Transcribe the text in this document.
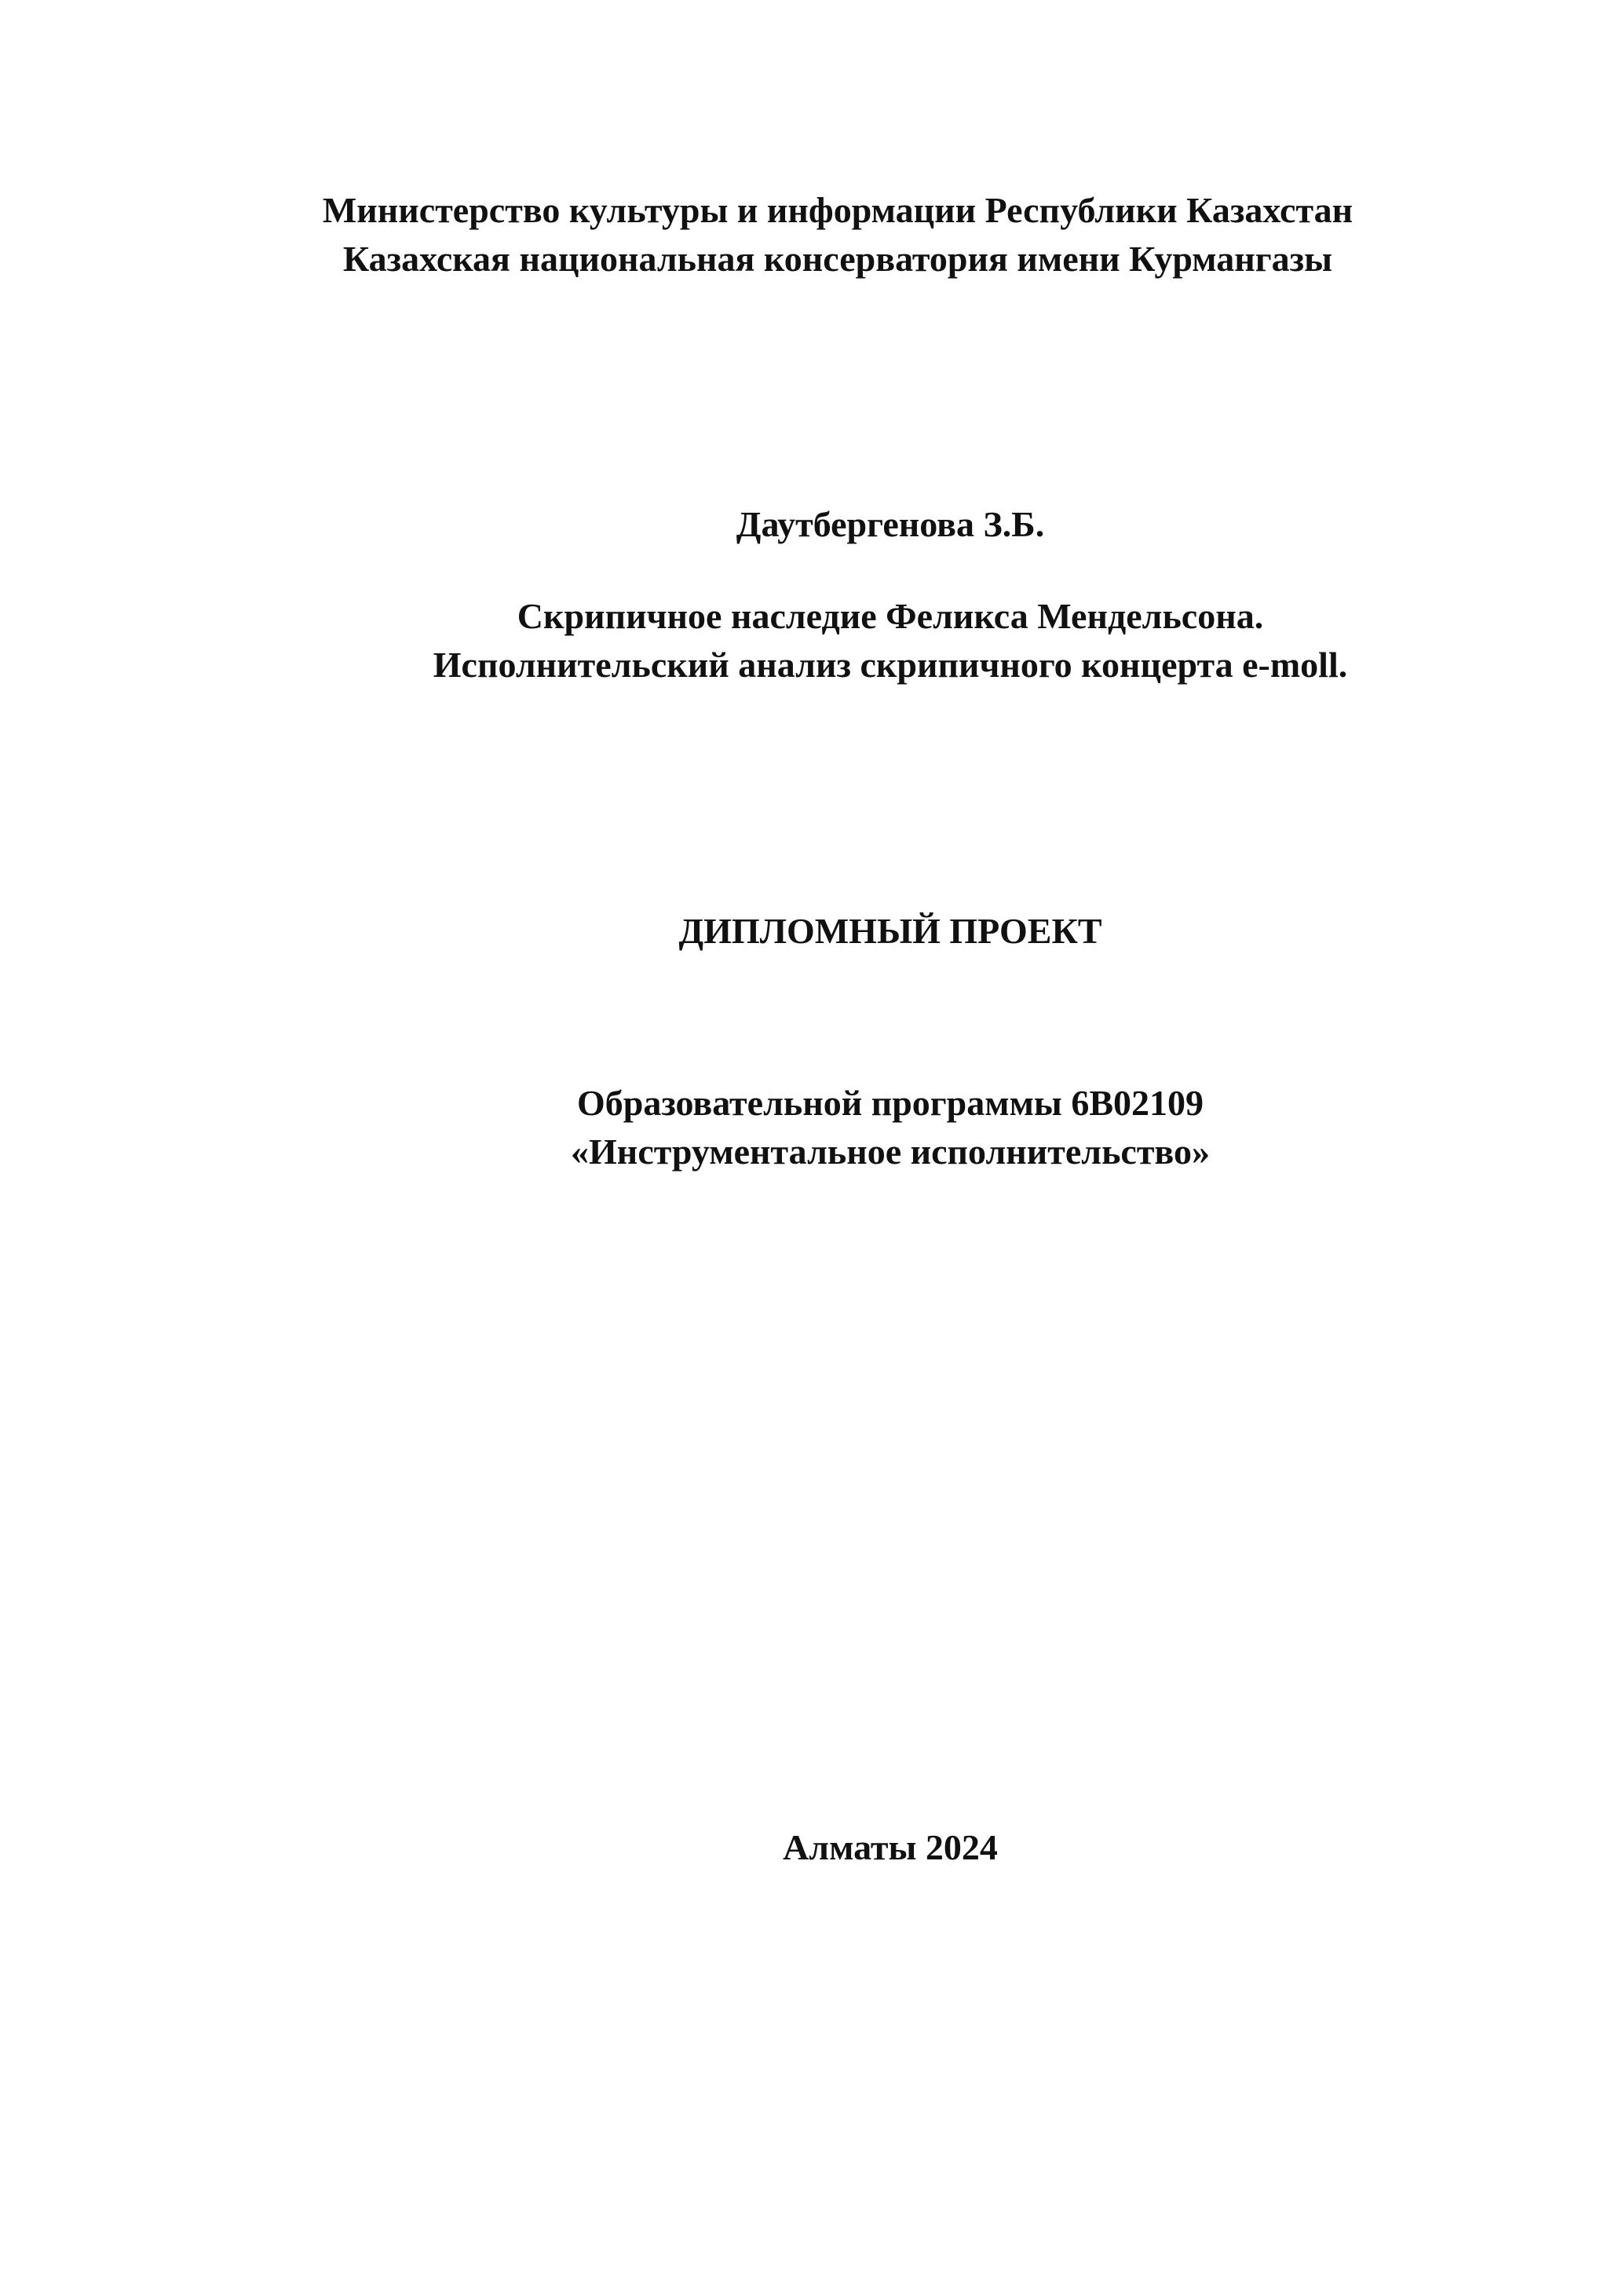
Министерство культуры и информации Республики Казахстан
Казахская национальная консерватория имени Курмангазы
Даутбергенова З.Б.
Скрипичное наследие Феликса Мендельсона.
Исполнительский анализ скрипичного концерта e-moll.
ДИПЛОМНЫЙ ПРОЕКТ
Образовательной программы 6В02109
«Инструментальное исполнительство»
Алматы 2024
